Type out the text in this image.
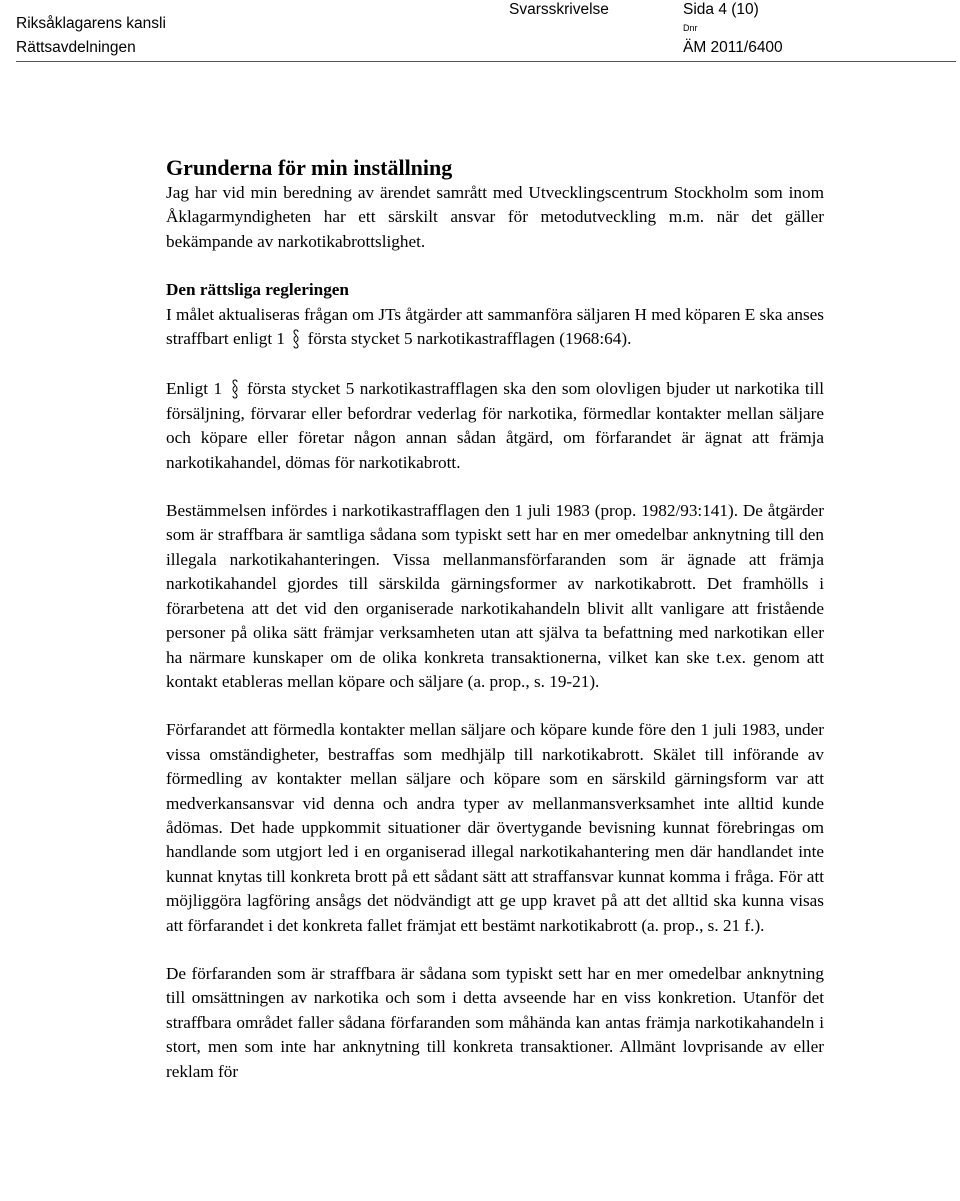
Riksåklagarens kansli
Rättsavdelningen
Svarsskrivelse	Sida 4 (10)
Dnr
ÄM 2011/6400

Grunderna för min inställning

Jag har vid min beredning av ärendet samrått med Utvecklingscentrum Stockholm som inom Åklagarmyndigheten har ett särskilt ansvar för metodutveckling m.m. när det gäller bekämpande av narkotikabrottslighet.

Den rättsliga regleringen

I målet aktualiseras frågan om JTs åtgärder att sammanföra säljaren H med köparen E ska anses straffbart enligt 1 första stycket 5 narkotikastrafflagen (1968:64).

Enligt 1 första stycket 5 narkotikastrafflagen ska den som olovligen bjuder ut narkotika till försäljning, förvarar eller befordrar vederlag för narkotika, förmedlar kontakter mellan säljare och köpare eller företar någon annan sådan åtgärd, om förfarandet är ägnat att främja narkotikahandel, dömas för narkotikabrott.

Bestämmelsen infördes i narkotikastrafflagen den 1 juli 1983 (prop. 1982/93:141). De åtgärder som är straffbara är samtliga sådana som typiskt sett har en mer omedelbar anknytning till den illegala narkotikahanteringen. Vissa mellanmansförfaranden som är ägnade att främja narkotikahandel gjordes till särskilda gärningsformer av narkotikabrott. Det framhölls i förarbetena att det vid den organiserade narkotikahandeln blivit allt vanligare att fristående personer på olika sätt främjar verksamheten utan att själva ta befattning med narkotikan eller ha närmare kunskaper om de olika konkreta transaktionerna, vilket kan ske t.ex. genom att kontakt etableras mellan köpare och säljare (a. prop., s. 19-21).

Förfarandet att förmedla kontakter mellan säljare och köpare kunde före den 1 juli 1983, under vissa omständigheter, bestraffas som medhjälp till narkotikabrott. Skälet till införande av förmedling av kontakter mellan säljare och köpare som en särskild gärningsform var att medverkansansvar vid denna och andra typer av mellanmansverksamhet inte alltid kunde ådömas. Det hade uppkommit situationer där övertygande bevisning kunnat förebringas om handlande som utgjort led i en organiserad illegal narkotikahantering men där handlandet inte kunnat knytas till konkreta brott på ett sådant sätt att straffansvar kunnat komma i fråga. För att möjliggöra lagföring ansågs det nödvändigt att ge upp kravet på att det alltid ska kunna visas att förfarandet i det konkreta fallet främjat ett bestämt narkotikabrott (a. prop., s. 21 f.).

De förfaranden som är straffbara är sådana som typiskt sett har en mer omedelbar anknytning till omsättningen av narkotika och som i detta avseende har en viss konkretion. Utanför det straffbara området faller sådana förfaranden som måhända kan antas främja narkotikahandeln i stort, men som inte har anknytning till konkreta transaktioner. Allmänt lovprisande av eller reklam för
